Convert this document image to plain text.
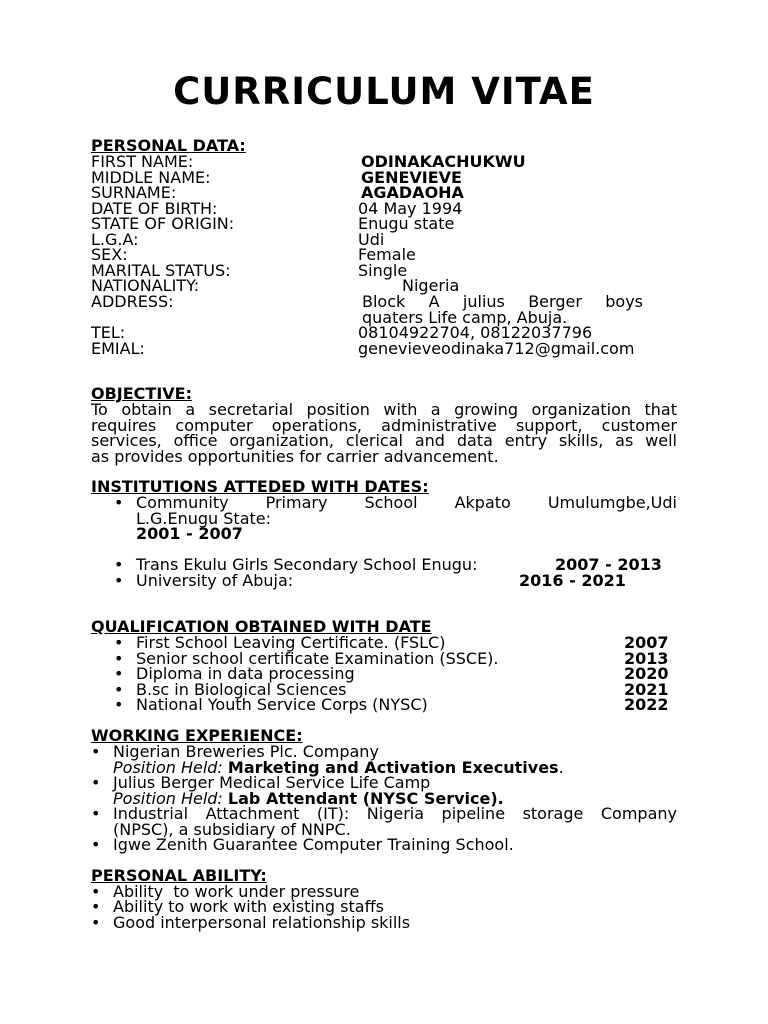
CURRICULUM VITAE
PERSONAL DATA:
FIRST NAME:	ODINAKACHUKWU
MIDDLE NAME:	GENEVIEVE
SURNAME:	AGADAOHA
DATE OF BIRTH:	04 May 1994
STATE OF ORIGIN:	Enugu state
L.G.A:	Udi
SEX:	Female
MARITAL STATUS:	Single
NATIONALITY:	Nigeria
ADDRESS:	Block A julius Berger boys
quaters Life camp, Abuja.
TEL:	08104922704, 08122037796
EMIAL:	genevieveodinaka712@gmail.com
OBJECTIVE:
To obtain a secretarial position with a growing organization that
requires computer operations, administrative support, customer
services, office organization, clerical and data entry skills, as well
as provides opportunities for carrier advancement.
INSTITUTIONS ATTEDED WITH DATES:
• Community Primary School Akpato Umulumgbe,Udi
L.G.Enugu State:
2001 - 2007
• Trans Ekulu Girls Secondary School Enugu:	2007 - 2013
• University of Abuja:	2016 - 2021
QUALIFICATION OBTAINED WITH DATE
• First School Leaving Certificate. (FSLC)	2007
• Senior school certificate Examination (SSCE).	2013
• Diploma in data processing	2020
• B.sc in Biological Sciences	2021
• National Youth Service Corps (NYSC)	2022
WORKING EXPERIENCE:
• Nigerian Breweries Plc. Company
Position Held: Marketing and Activation Executives.
• Julius Berger Medical Service Life Camp
Position Held: Lab Attendant (NYSC Service).
• Industrial Attachment (IT): Nigeria pipeline storage Company
(NPSC), a subsidiary of NNPC.
• Igwe Zenith Guarantee Computer Training School.
PERSONAL ABILITY:
• Ability  to work under pressure
• Ability to work with existing staffs
• Good interpersonal relationship skills
